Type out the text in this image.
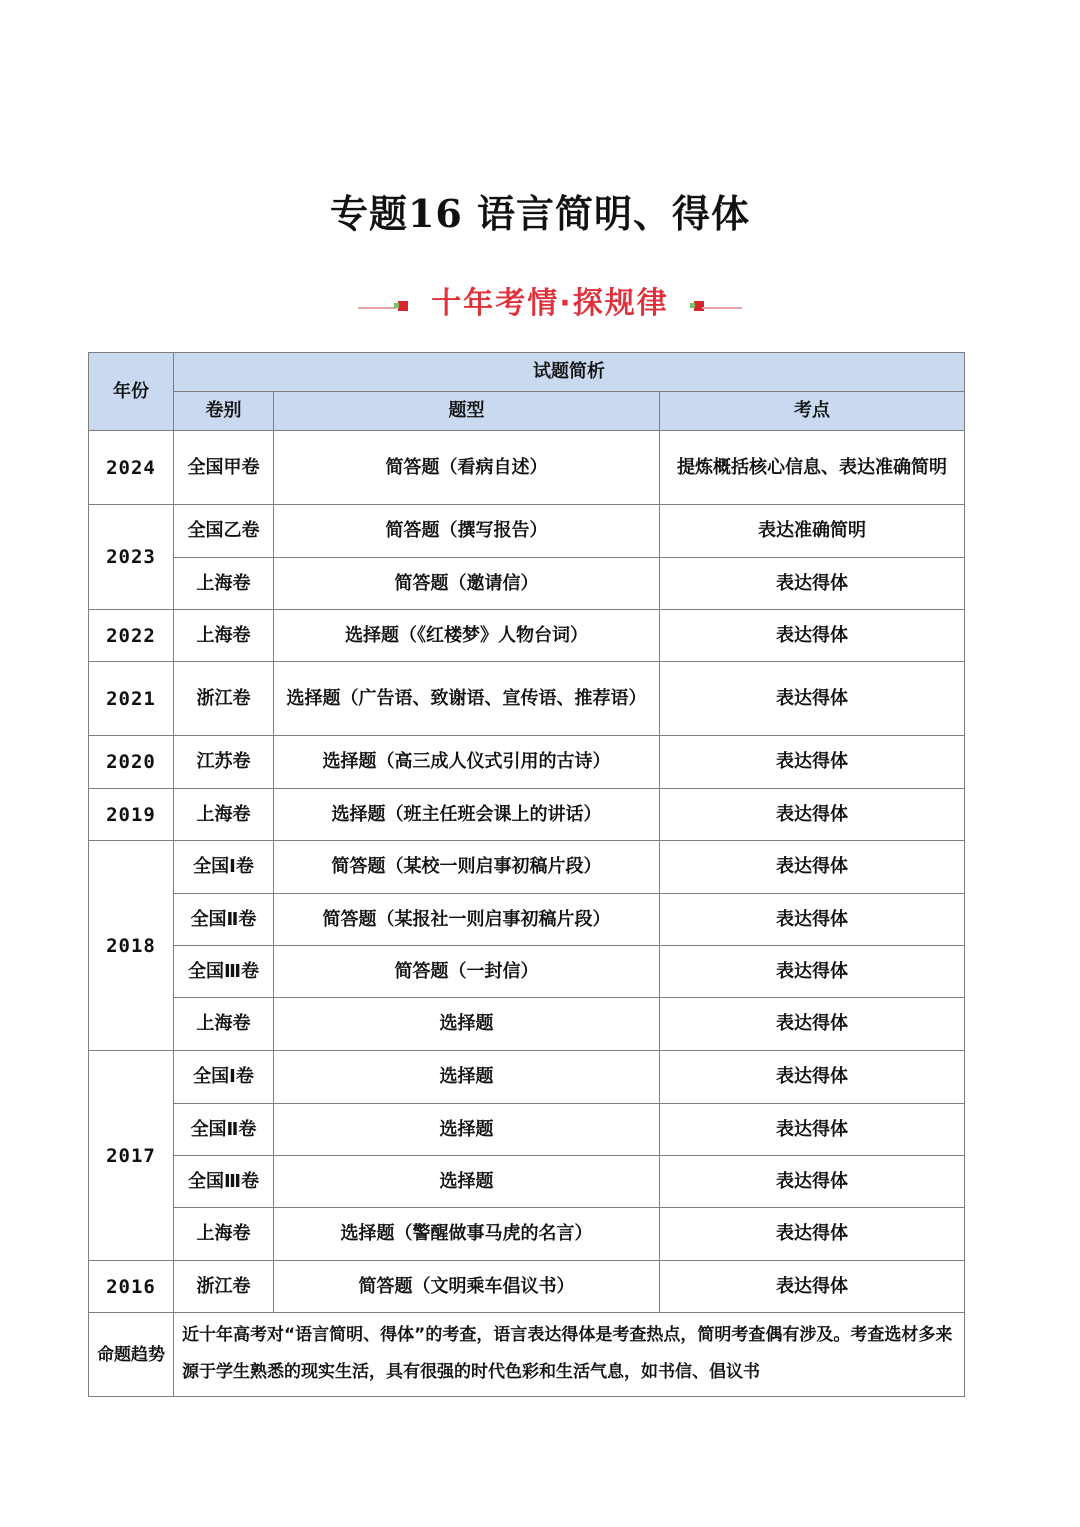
专题16 语言简明、得体
十年考情·探规律
年份	试题简析		
	卷别	题型	考点
2024	全国甲卷	简答题（看病自述）	提炼概括核心信息、表达准确简明
2023	全国乙卷	简答题（撰写报告）	表达准确简明
	上海卷	简答题（邀请信）	表达得体
2022	上海卷	选择题（《红楼梦》人物台词）	表达得体
2021	浙江卷	选择题（广告语、致谢语、宣传语、推荐语）	表达得体
2020	江苏卷	选择题（高三成人仪式引用的古诗）	表达得体
2019	上海卷	选择题（班主任班会课上的讲话）	表达得体
2018	全国Ⅰ卷	简答题（某校一则启事初稿片段）	表达得体
	全国Ⅱ卷	简答题（某报社一则启事初稿片段）	表达得体
	全国Ⅲ卷	简答题（一封信）	表达得体
	上海卷	选择题	表达得体
2017	全国Ⅰ卷	选择题	表达得体
	全国Ⅱ卷	选择题	表达得体
	全国Ⅲ卷	选择题	表达得体
	上海卷	选择题（警醒做事马虎的名言）	表达得体
2016	浙江卷	简答题（文明乘车倡议书）	表达得体
命题趋势	近十年高考对“语言简明、得体”的考查，语言表达得体是考查热点，简明考查偶有涉及。考查选材多来源于学生熟悉的现实生活，具有很强的时代色彩和生活气息，如书信、倡议书		
